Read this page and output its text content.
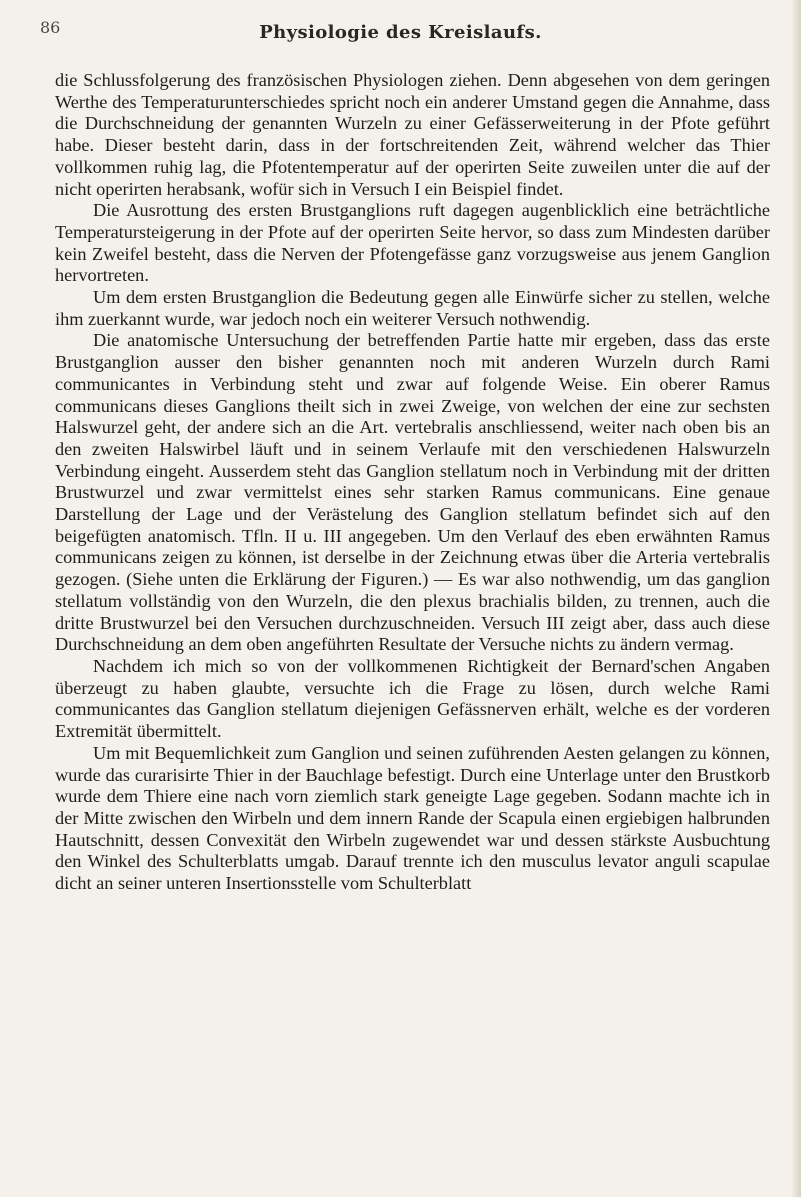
86	Physiologie des Kreislaufs.

die Schlussfolgerung des französischen Physiologen ziehen. Denn abgesehen von dem geringen Werthe des Temperaturunterschiedes spricht noch ein anderer Umstand gegen die Annahme, dass die Durchschneidung der genannten Wurzeln zu einer Gefässerweiterung in der Pfote geführt habe. Dieser besteht darin, dass in der fortschreitenden Zeit, während welcher das Thier vollkommen ruhig lag, die Pfotentemperatur auf der operirten Seite zuweilen unter die auf der nicht operirten herabsank, wofür sich in Versuch I ein Beispiel findet.

Die Ausrottung des ersten Brustganglions ruft dagegen augenblicklich eine beträchtliche Temperatursteigerung in der Pfote auf der operirten Seite hervor, so dass zum Mindesten darüber kein Zweifel besteht, dass die Nerven der Pfotengefässe ganz vorzugsweise aus jenem Ganglion hervortreten.

Um dem ersten Brustganglion die Bedeutung gegen alle Einwürfe sicher zu stellen, welche ihm zuerkannt wurde, war jedoch noch ein weiterer Versuch nothwendig.

Die anatomische Untersuchung der betreffenden Partie hatte mir ergeben, dass das erste Brustganglion ausser den bisher genannten noch mit anderen Wurzeln durch Rami communicantes in Verbindung steht und zwar auf folgende Weise. Ein oberer Ramus communicans dieses Ganglions theilt sich in zwei Zweige, von welchen der eine zur sechsten Halswurzel geht, der andere sich an die Art. vertebralis anschliessend, weiter nach oben bis an den zweiten Halswirbel läuft und in seinem Verlaufe mit den verschiedenen Halswurzeln Verbindung eingeht. Ausserdem steht das Ganglion stellatum noch in Verbindung mit der dritten Brustwurzel und zwar vermittelst eines sehr starken Ramus communicans. Eine genaue Darstellung der Lage und der Verästelung des Ganglion stellatum befindet sich auf den beigefügten anatomisch. Tfln. II u. III angegeben. Um den Verlauf des eben erwähnten Ramus communicans zeigen zu können, ist derselbe in der Zeichnung etwas über die Arteria vertebralis gezogen. (Siehe unten die Erklärung der Figuren.) — Es war also nothwendig, um das ganglion stellatum vollständig von den Wurzeln, die den plexus brachialis bilden, zu trennen, auch die dritte Brustwurzel bei den Versuchen durchzuschneiden. Versuch III zeigt aber, dass auch diese Durchschneidung an dem oben angeführten Resultate der Versuche nichts zu ändern vermag.

Nachdem ich mich so von der vollkommenen Richtigkeit der Bernard'schen Angaben überzeugt zu haben glaubte, versuchte ich die Frage zu lösen, durch welche Rami communicantes das Ganglion stellatum diejenigen Gefässnerven erhält, welche es der vorderen Extremität übermittelt.

Um mit Bequemlichkeit zum Ganglion und seinen zuführenden Aesten gelangen zu können, wurde das curarisirte Thier in der Bauchlage befestigt. Durch eine Unterlage unter den Brustkorb wurde dem Thiere eine nach vorn ziemlich stark geneigte Lage gegeben. Sodann machte ich in der Mitte zwischen den Wirbeln und dem innern Rande der Scapula einen ergiebigen halbrunden Hautschnitt, dessen Convexität den Wirbeln zugewendet war und dessen stärkste Ausbuchtung den Winkel des Schulterblatts umgab. Darauf trennte ich den musculus levator anguli scapulae dicht an seiner unteren Insertionsstelle vom Schulterblatt
